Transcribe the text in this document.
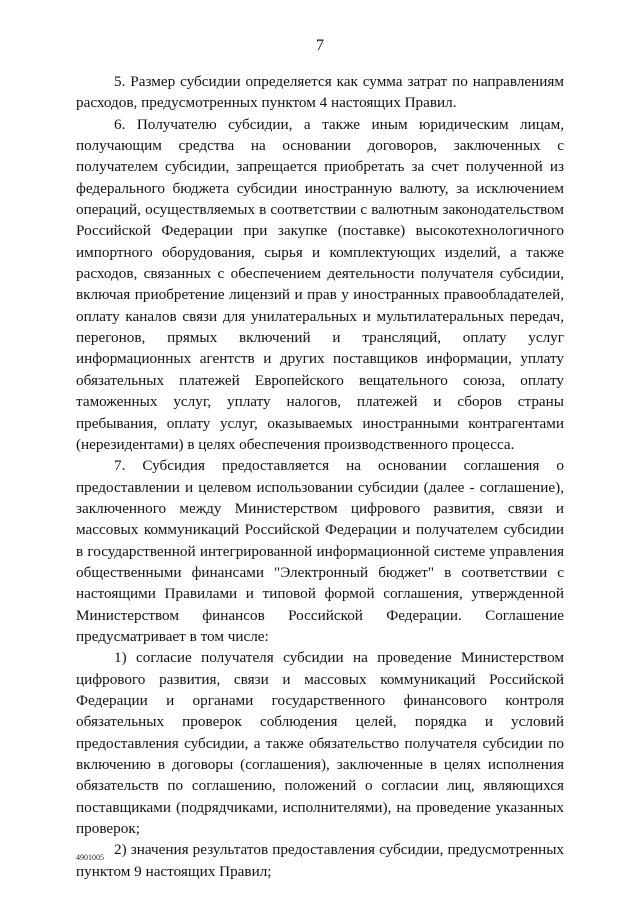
7

5. Размер субсидии определяется как сумма затрат по направлениям расходов, предусмотренных пунктом 4 настоящих Правил.

6. Получателю субсидии, а также иным юридическим лицам, получающим средства на основании договоров, заключенных с получателем субсидии, запрещается приобретать за счет полученной из федерального бюджета субсидии иностранную валюту, за исключением операций, осуществляемых в соответствии с валютным законодательством Российской Федерации при закупке (поставке) высокотехнологичного импортного оборудования, сырья и комплектующих изделий, а также расходов, связанных с обеспечением деятельности получателя субсидии, включая приобретение лицензий и прав у иностранных правообладателей, оплату каналов связи для унилатеральных и мультилатеральных передач, перегонов, прямых включений и трансляций, оплату услуг информационных агентств и других поставщиков информации, уплату обязательных платежей Европейского вещательного союза, оплату таможенных услуг, уплату налогов, платежей и сборов страны пребывания, оплату услуг, оказываемых иностранными контрагентами (нерезидентами) в целях обеспечения производственного процесса.

7. Субсидия предоставляется на основании соглашения о предоставлении и целевом использовании субсидии (далее - соглашение), заключенного между Министерством цифрового развития, связи и массовых коммуникаций Российской Федерации и получателем субсидии в государственной интегрированной информационной системе управления общественными финансами "Электронный бюджет" в соответствии с настоящими Правилами и типовой формой соглашения, утвержденной Министерством финансов Российской Федерации. Соглашение предусматривает в том числе:

1) согласие получателя субсидии на проведение Министерством цифрового развития, связи и массовых коммуникаций Российской Федерации и органами государственного финансового контроля обязательных проверок соблюдения целей, порядка и условий предоставления субсидии, а также обязательство получателя субсидии по включению в договоры (соглашения), заключенные в целях исполнения обязательств по соглашению, положений о согласии лиц, являющихся поставщиками (подрядчиками, исполнителями), на проведение указанных проверок;

2) значения результатов предоставления субсидии, предусмотренных пунктом 9 настоящих Правил;

4901005
